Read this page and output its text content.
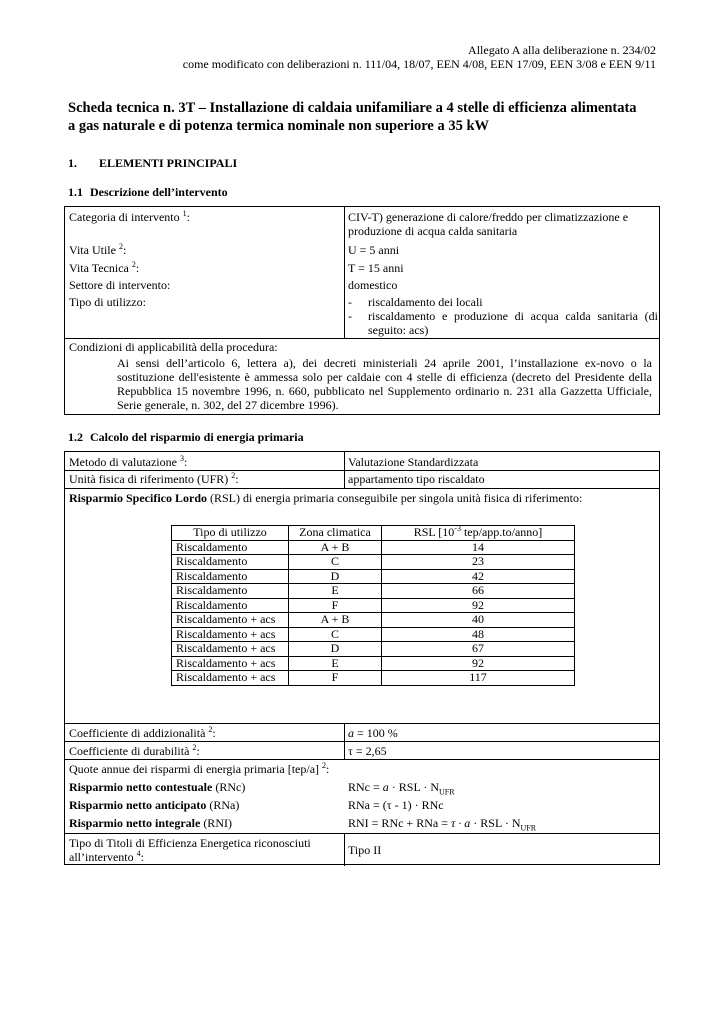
Allegato A alla deliberazione n. 234/02
come modificato con deliberazioni n. 111/04, 18/07, EEN 4/08, EEN 17/09, EEN 3/08 e EEN 9/11
Scheda tecnica n. 3T – Installazione di caldaia unifamiliare a 4 stelle di efficienza alimentata
a gas naturale e di potenza termica nominale non superiore a 35 kW
1. ELEMENTI PRINCIPALI
1.1 Descrizione dell’intervento
Categoria di intervento $^1$:	CIV-T) generazione di calore/freddo per climatizzazione e
produzione di acqua calda sanitaria
Vita Utile $^2$:	U = 5 anni
Vita Tecnica $^2$:	T = 15 anni
Settore di intervento:	domestico
Tipo di utilizzo:	- riscaldamento dei locali
-	riscaldamento e produzione di acqua calda sanitaria (di
seguito: acs)
Condizioni di applicabilità della procedura:
Ai sensi dell’articolo 6, lettera a), dei decreti ministeriali 24 aprile 2001, l’installazione ex-novo o la
sostituzione dell'esistente è ammessa solo per caldaie con 4 stelle di efficienza (decreto del Presidente della
Repubblica 15 novembre 1996, n. 660, pubblicato nel Supplemento ordinario n. 231 alla Gazzetta Ufficiale,
Serie generale, n. 302, del 27 dicembre 1996).
1.2 Calcolo del risparmio di energia primaria
Metodo di valutazione $^3$:	Valutazione Standardizzata
Unità fisica di riferimento (UFR) $^2$:	appartamento tipo riscaldato
Risparmio Specifico Lordo (RSL) di energia primaria conseguibile per singola unità fisica di riferimento:
Tipo di utilizzo	Zona climatica	RSL [$10^{-3}$ tep/app.to/anno]
Riscaldamento	A + B	14
Riscaldamento	C	23
Riscaldamento	D	42
Riscaldamento	E	66
Riscaldamento	F	92
Riscaldamento + acs	A + B	40
Riscaldamento + acs	C	48
Riscaldamento + acs	D	67
Riscaldamento + acs	E	92
Riscaldamento + acs	F	117
Coefficiente di addizionalità $^2$:	a = 100 %
Coefficiente di durabilità $^2$:	τ = 2,65
Quote annue dei risparmi di energia primaria [tep/a] $^2$:
Risparmio netto contestuale (RNc)	RNc = a · RSL · $N_{UFR}$
Risparmio netto anticipato (RNa)	RNa = (τ - 1) · RNc
Risparmio netto integrale (RNI)	RNI = RNc + RNa = τ · a · RSL · $N_{UFR}$
Tipo di Titoli di Efficienza Energetica riconosciuti
all’intervento $^4$:	Tipo II
